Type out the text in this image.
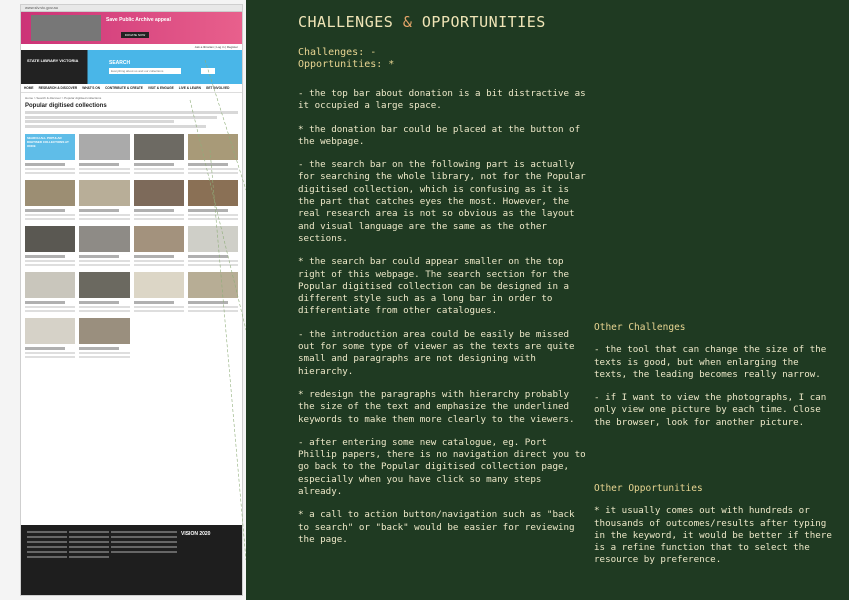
www.slv.vic.gov.au
Save Public Archive appeal
DONATE NOW
Ask a librarian | Log in | Register
STATE LIBRARY VICTORIA	SEARCH
Everything about us and our collections
HOME RESEARCH & DISCOVER WHAT'S ON CONTRIBUTE & CREATE VISIT & ENGAGE LIVE & LEARN GET INVOLVED
Home > Search & discover > Popular digitised collections
Popular digitised collections
SEARCH ALL POPULAR DIGITISED COLLECTIONS AT ONCE
VISION 2020
CHALLENGES & OPPORTUNITIES
Challenges: -
Opportunities: *

- the top bar about donation is a bit distractive as it occupied a large space.

* the donation bar could be placed at the button of the webpage.

- the search bar on the following part is actually for searching the whole library, not for the Popular digitised collection, which is confusing as it is the part that catches eyes the most. However, the real research area is not so obvious as the layout and visual language are the same as the other sections.

* the search bar could appear smaller on the top right of this webpage. The search section for the Popular digitised collection can be designed in a different style such as a long bar in order to differentiate from other catalogues.

- the introduction area could be easily be missed out for some type of viewer as the texts are quite small and paragraphs are not designing with hierarchy.

* redesign the paragraphs with hierarchy probably the size of the text and emphasize the underlined keywords to make them more clearly to the viewers.

- after entering some new catalogue, eg. Port Phillip papers, there is no navigation direct you to go back to the Popular digitised collection page, especially when you have click so many steps already.

* a call to action button/navigation such as "back to search" or "back" would be easier for reviewing the page.

Other Challenges

- the tool that can change the size of the texts is good, but when enlarging the texts, the leading becomes really narrow.

- if I want to view the photographs, I can only view one picture by each time. Close the browser, look for another picture.

Other Opportunities

* it usually comes out with hundreds or thousands of outcomes/results after typing in the keyword, it would be better if there is a refine function that to select the resource by preference.
